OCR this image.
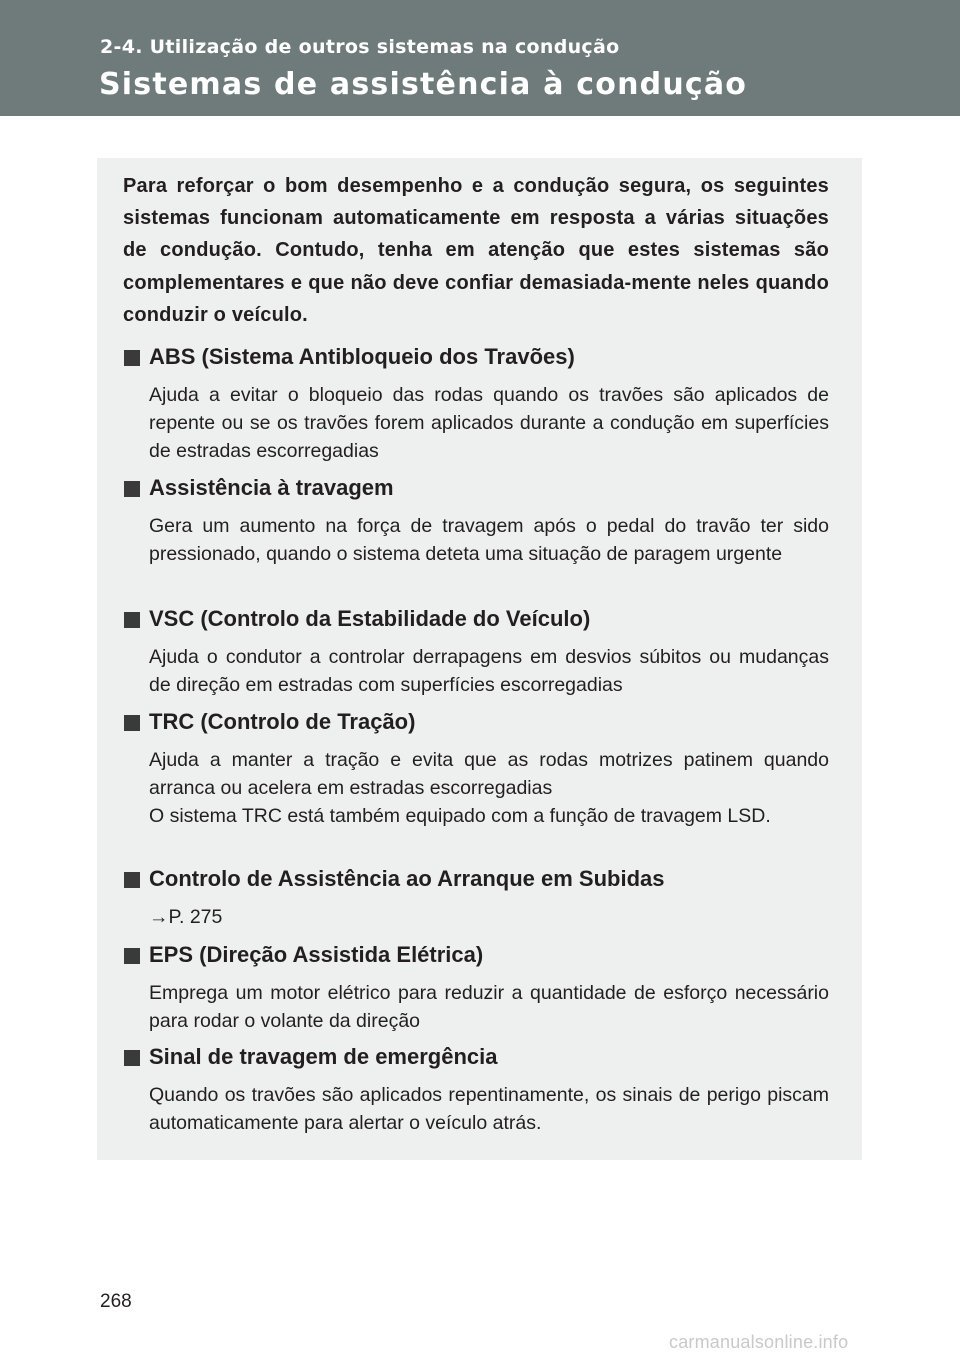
2-4. Utilização de outros sistemas na condução
Sistemas de assistência à condução

Para reforçar o bom desempenho e a condução segura, os seguintes sistemas funcionam automaticamente em resposta a várias situações de condução. Contudo, tenha em atenção que estes sistemas são complementares e que não deve confiar demasiada-mente neles quando conduzir o veículo.

ABS (Sistema Antibloqueio dos Travões)

Ajuda a evitar o bloqueio das rodas quando os travões são aplicados de repente ou se os travões forem aplicados durante a condução em superfícies de estradas escorregadias

Assistência à travagem

Gera um aumento na força de travagem após o pedal do travão ter sido pressionado, quando o sistema deteta uma situação de paragem urgente

VSC (Controlo da Estabilidade do Veículo)

Ajuda o condutor a controlar derrapagens em desvios súbitos ou mudanças de direção em estradas com superfícies escorregadias

TRC (Controlo de Tração)

Ajuda a manter a tração e evita que as rodas motrizes patinem quando arranca ou acelera em estradas escorregadias

O sistema TRC está também equipado com a função de travagem LSD.

Controlo de Assistência ao Arranque em Subidas

→P. 275

EPS (Direção Assistida Elétrica)

Emprega um motor elétrico para reduzir a quantidade de esforço necessário para rodar o volante da direção

Sinal de travagem de emergência

Quando os travões são aplicados repentinamente, os sinais de perigo piscam automaticamente para alertar o veículo atrás.

268
carmanualsonline.info
